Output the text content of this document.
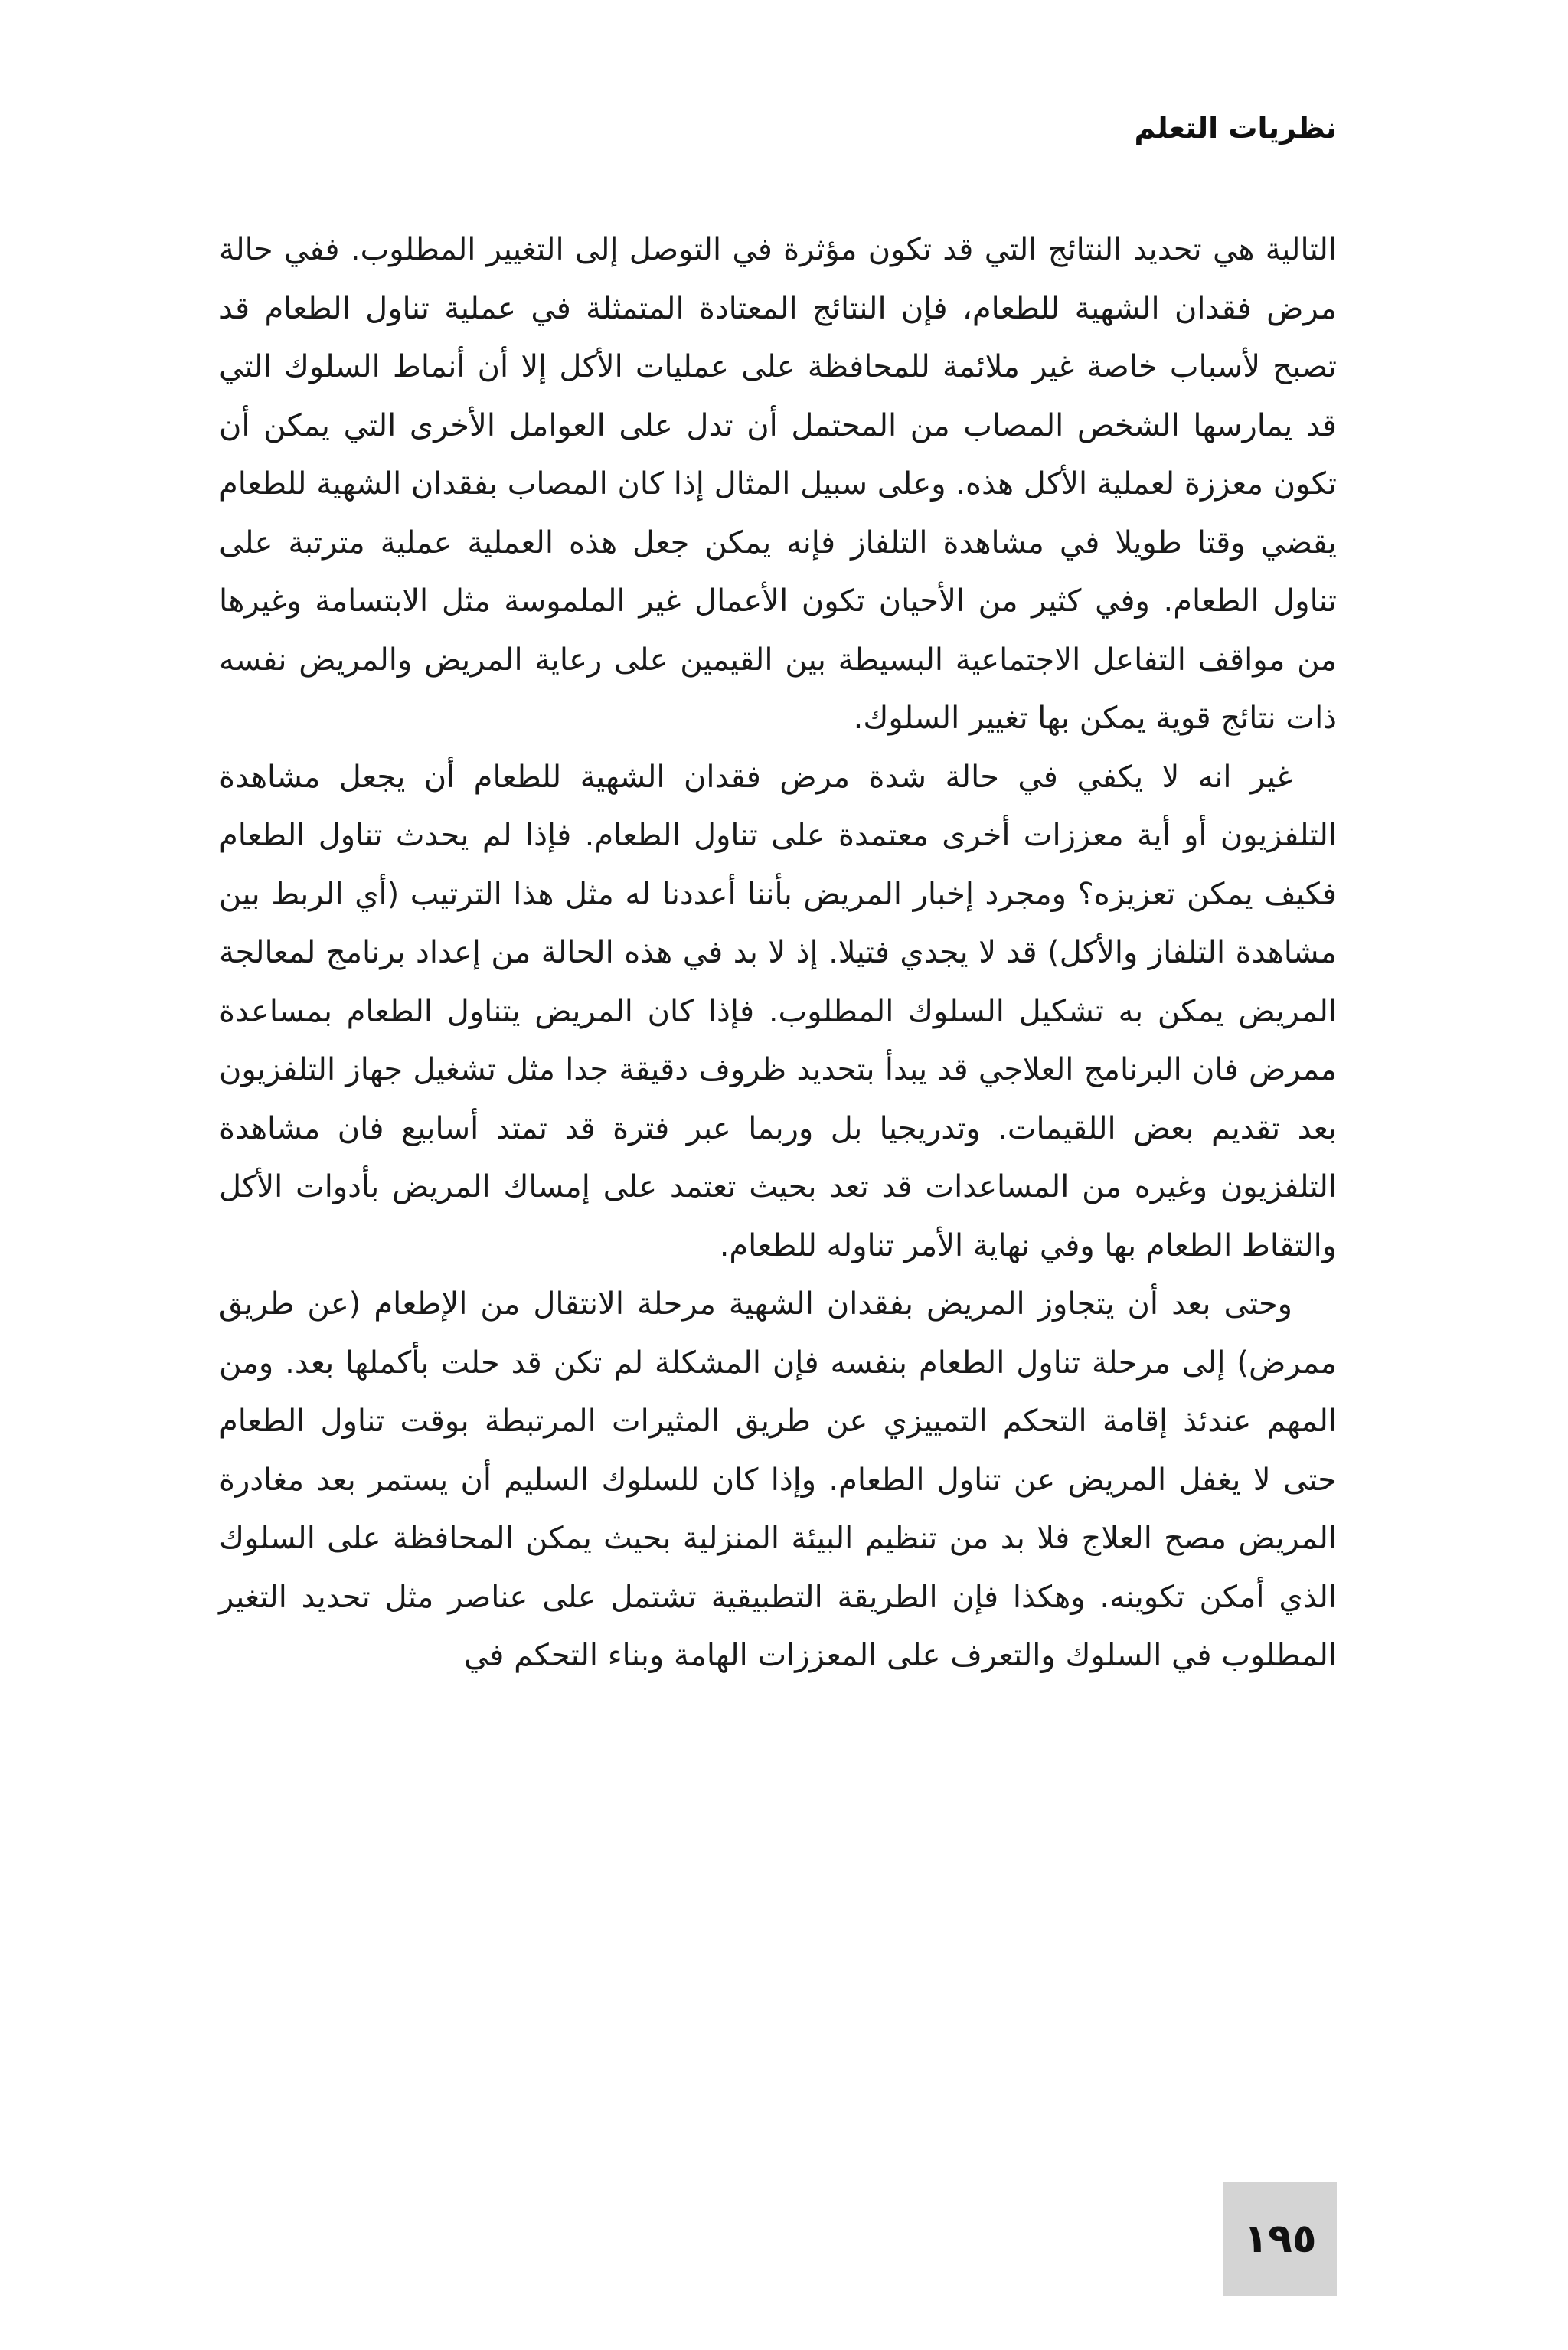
نظريات التعلم

التالية هي تحديد النتائج التي قد تكون مؤثرة في التوصل إلى التغيير المطلوب. ففي حالة مرض فقدان الشهية للطعام، فإن النتائج المعتادة المتمثلة في عملية تناول الطعام قد تصبح لأسباب خاصة غير ملائمة للمحافظة على عمليات الأكل إلا أن أنماط السلوك التي قد يمارسها الشخص المصاب من المحتمل أن تدل على العوامل الأخرى التي يمكن أن تكون معززة لعملية الأكل هذه. وعلى سبيل المثال إذا كان المصاب بفقدان الشهية للطعام يقضي وقتا طويلا في مشاهدة التلفاز فإنه يمكن جعل هذه العملية عملية مترتبة على تناول الطعام. وفي كثير من الأحيان تكون الأعمال غير الملموسة مثل الابتسامة وغيرها من مواقف التفاعل الاجتماعية البسيطة بين القيمين على رعاية المريض والمريض نفسه ذات نتائج قوية يمكن بها تغيير السلوك.

غير انه لا يكفي في حالة شدة مرض فقدان الشهية للطعام أن يجعل مشاهدة التلفزيون أو أية معززات أخرى معتمدة على تناول الطعام. فإذا لم يحدث تناول الطعام فكيف يمكن تعزيزه؟ ومجرد إخبار المريض بأننا أعددنا له مثل هذا الترتيب (أي الربط بين مشاهدة التلفاز والأكل) قد لا يجدي فتيلا. إذ لا بد في هذه الحالة من إعداد برنامج لمعالجة المريض يمكن به تشكيل السلوك المطلوب. فإذا كان المريض يتناول الطعام بمساعدة ممرض فان البرنامج العلاجي قد يبدأ بتحديد ظروف دقيقة جدا مثل تشغيل جهاز التلفزيون بعد تقديم بعض اللقيمات. وتدريجيا بل وربما عبر فترة قد تمتد أسابيع فان مشاهدة التلفزيون وغيره من المساعدات قد تعد بحيث تعتمد على إمساك المريض بأدوات الأكل والتقاط الطعام بها وفي نهاية الأمر تناوله للطعام.

وحتى بعد أن يتجاوز المريض بفقدان الشهية مرحلة الانتقال من الإطعام (عن طريق ممرض) إلى مرحلة تناول الطعام بنفسه فإن المشكلة لم تكن قد حلت بأكملها بعد. ومن المهم عندئذ إقامة التحكم التمييزي عن طريق المثيرات المرتبطة بوقت تناول الطعام حتى لا يغفل المريض عن تناول الطعام. وإذا كان للسلوك السليم أن يستمر بعد مغادرة المريض مصح العلاج فلا بد من تنظيم البيئة المنزلية بحيث يمكن المحافظة على السلوك الذي أمكن تكوينه. وهكذا فإن الطريقة التطبيقية تشتمل على عناصر مثل تحديد التغير المطلوب في السلوك والتعرف على المعززات الهامة وبناء التحكم في

١٩٥
